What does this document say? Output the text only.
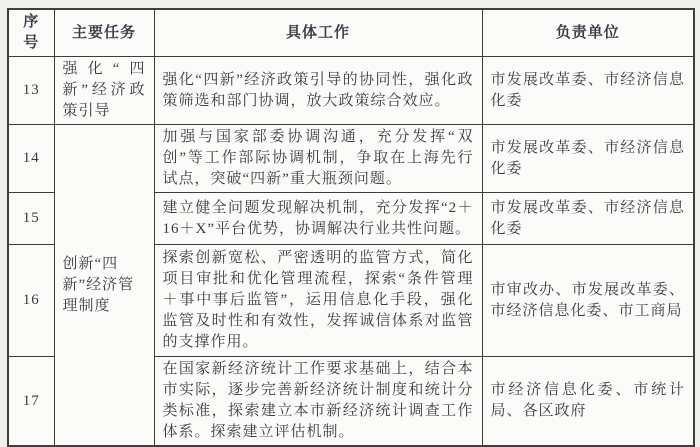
序号	主要任务	具体工作	负责单位
13	强化“四新”经济政策引导	强化“四新”经济政策引导的协同性，强化政策筛选和部门协调，放大政策综合效应。	市发展改革委、市经济信息化委
14	创新“四新”经济管理制度	加强与国家部委协调沟通，充分发挥“双创”等工作部际协调机制，争取在上海先行试点，突破“四新”重大瓶颈问题。	市发展改革委、市经济信息化委
15		建立健全问题发现解决机制，充分发挥“2＋16＋X”平台优势，协调解决行业共性问题。	市发展改革委、市经济信息化委
16		探索创新宽松、严密透明的监管方式，简化项目审批和优化管理流程，探索“条件管理＋事中事后监管”，运用信息化手段，强化监管及时性和有效性，发挥诚信体系对监管的支撑作用。	市审改办、市发展改革委、市经济信息化委、市工商局
17		在国家新经济统计工作要求基础上，结合本市实际，逐步完善新经济统计制度和统计分类标准，探索建立本市新经济统计调查工作体系。探索建立评估机制。	市经济信息化委、市统计局、各区政府
